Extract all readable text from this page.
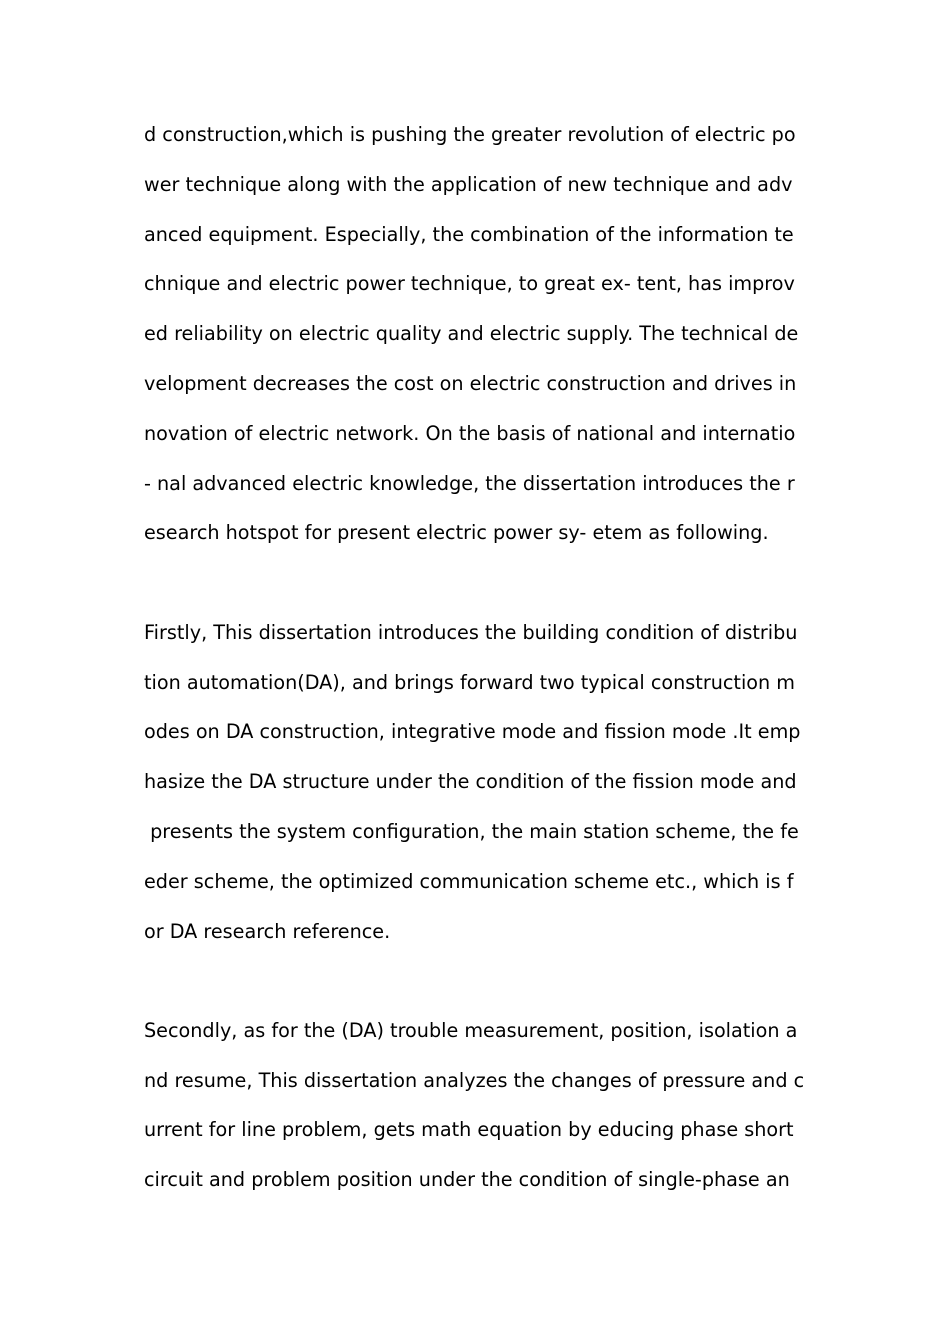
d construction,which is pushing the greater revolution of electric po
wer technique along with the application of new technique and adv
anced equipment. Especially, the combination of the information te
chnique and electric power technique, to great ex- tent, has improv
ed reliability on electric quality and electric supply. The technical de
velopment decreases the cost on electric construction and drives in
novation of electric network. On the basis of national and internatio
- nal advanced electric knowledge, the dissertation introduces the r
esearch hotspot for present electric power sy- etem as following.
Firstly, This dissertation introduces the building condition of distribu
tion automation(DA), and brings forward two typical construction m
odes on DA construction, integrative mode and fission mode .It emp
hasize the DA structure under the condition of the fission mode and
presents the system configuration, the main station scheme, the fe
eder scheme, the optimized communication scheme etc., which is f
or DA research reference.
Secondly, as for the (DA) trouble measurement, position, isolation a
nd resume, This dissertation analyzes the changes of pressure and c
urrent for line problem, gets math equation by educing phase short
circuit and problem position under the condition of single-phase an
